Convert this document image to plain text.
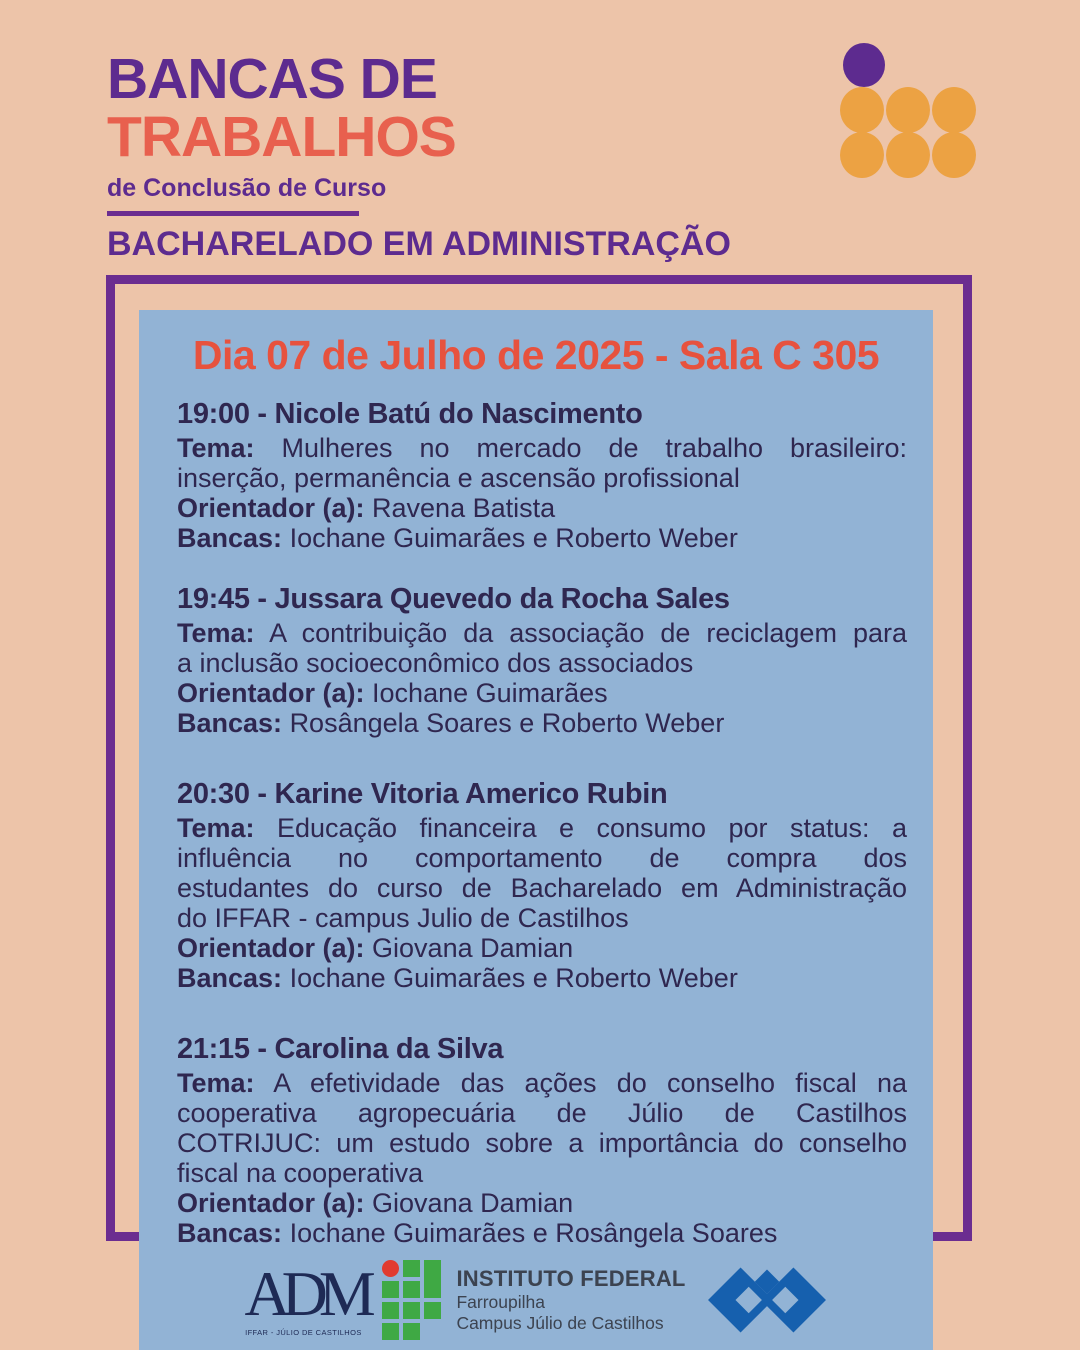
BANCAS DE
TRABALHOS
de Conclusão de Curso
BACHARELADO EM ADMINISTRAÇÃO
Dia 07 de Julho de 2025 - Sala C 305
19:00 - Nicole Batú do Nascimento

Tema: Mulheres no mercado de trabalho brasileiro:

inserção, permanência e ascensão profissional

Orientador (a): Ravena Batista

Bancas: Iochane Guimarães e Roberto Weber

19:45 - Jussara Quevedo da Rocha Sales

Tema: A contribuição da associação de reciclagem para

a inclusão socioeconômico dos associados

Orientador (a): Iochane Guimarães

Bancas: Rosângela Soares e Roberto Weber

20:30 - Karine Vitoria Americo Rubin

Tema: Educação financeira e consumo por status: a

influência no comportamento de compra dos

estudantes do curso de Bacharelado em Administração

do IFFAR - campus Julio de Castilhos

Orientador (a): Giovana Damian

Bancas: Iochane Guimarães e Roberto Weber

21:15 - Carolina da Silva

Tema: A efetividade das ações do conselho fiscal na

cooperativa agropecuária de Júlio de Castilhos

COTRIJUC: um estudo sobre a importância do conselho

fiscal na cooperativa

Orientador (a): Giovana Damian

Bancas: Iochane Guimarães e Rosângela Soares

ADM
IFFAR - JÚLIO DE CASTILHOS
INSTITUTO FEDERAL
Farroupilha
Campus Júlio de Castilhos
